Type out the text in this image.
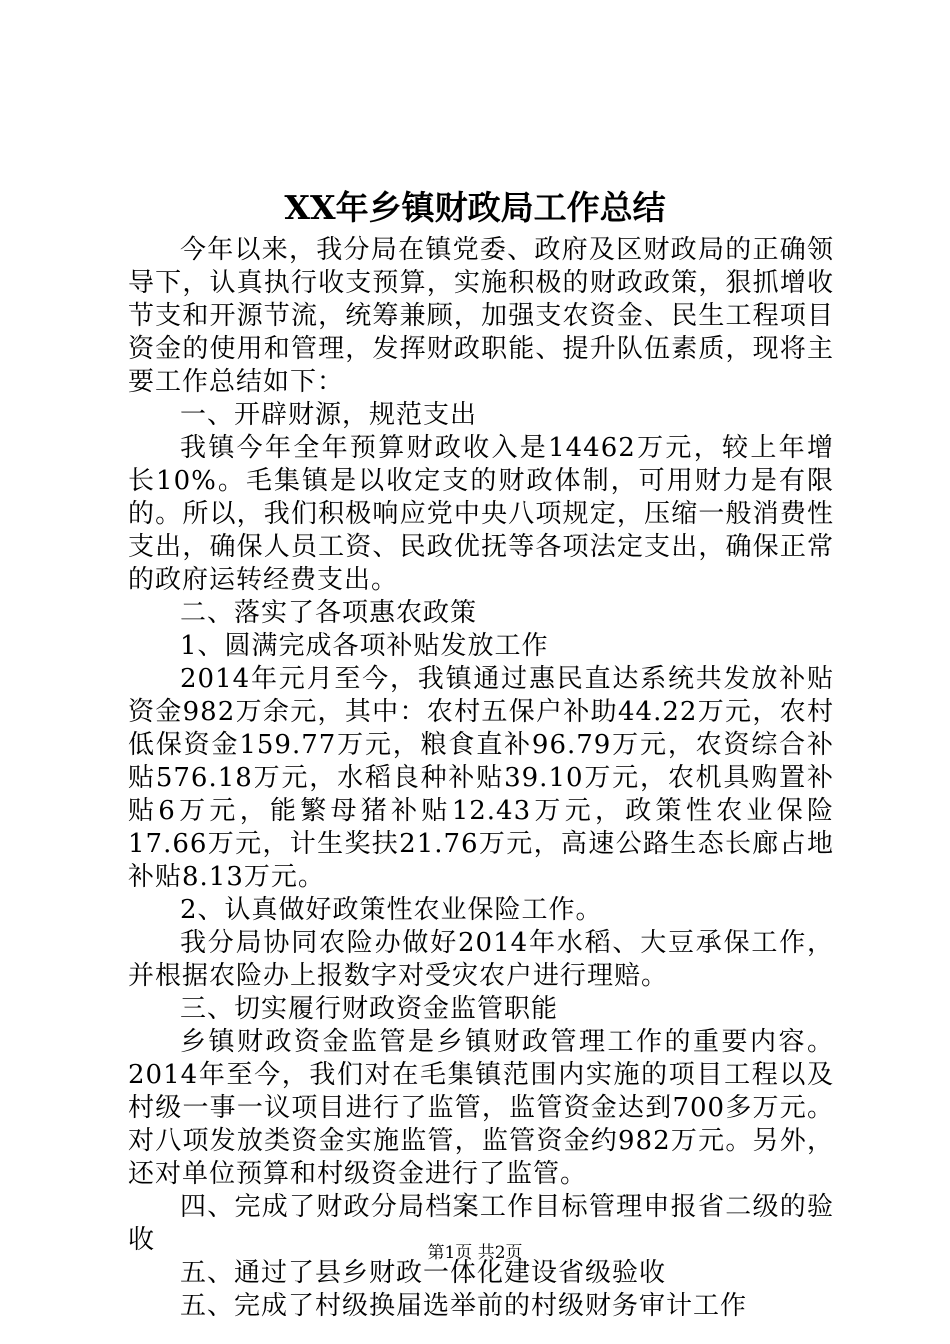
XX年乡镇财政局工作总结

今年以来，我分局在镇党委、政府及区财政局的正确领导下，认真执行收支预算，实施积极的财政政策，狠抓增收节支和开源节流，统筹兼顾，加强支农资金、民生工程项目资金的使用和管理，发挥财政职能、提升队伍素质，现将主要工作总结如下：

一、开辟财源，规范支出

我镇今年全年预算财政收入是14462万元，较上年增长10%。毛集镇是以收定支的财政体制，可用财力是有限的。所以，我们积极响应党中央八项规定，压缩一般消费性支出，确保人员工资、民政优抚等各项法定支出，确保正常的政府运转经费支出。

二、落实了各项惠农政策

1、圆满完成各项补贴发放工作

2014年元月至今，我镇通过惠民直达系统共发放补贴资金982万余元，其中：农村五保户补助44.22万元，农村低保资金159.77万元，粮食直补96.79万元，农资综合补贴576.18万元，水稻良种补贴39.10万元，农机具购置补贴6万元，能繁母猪补贴12.43万元，政策性农业保险17.66万元，计生奖扶21.76万元，高速公路生态长廊占地补贴8.13万元。

2、认真做好政策性农业保险工作。

我分局协同农险办做好2014年水稻、大豆承保工作，并根据农险办上报数字对受灾农户进行理赔。

三、切实履行财政资金监管职能

乡镇财政资金监管是乡镇财政管理工作的重要内容。2014年至今，我们对在毛集镇范围内实施的项目工程以及村级一事一议项目进行了监管，监管资金达到700多万元。对八项发放类资金实施监管，监管资金约982万元。另外，还对单位预算和村级资金进行了监管。

四、完成了财政分局档案工作目标管理申报省二级的验收

五、通过了县乡财政一体化建设省级验收

五、完成了村级换届选举前的村级财务审计工作

第1页 共2页
